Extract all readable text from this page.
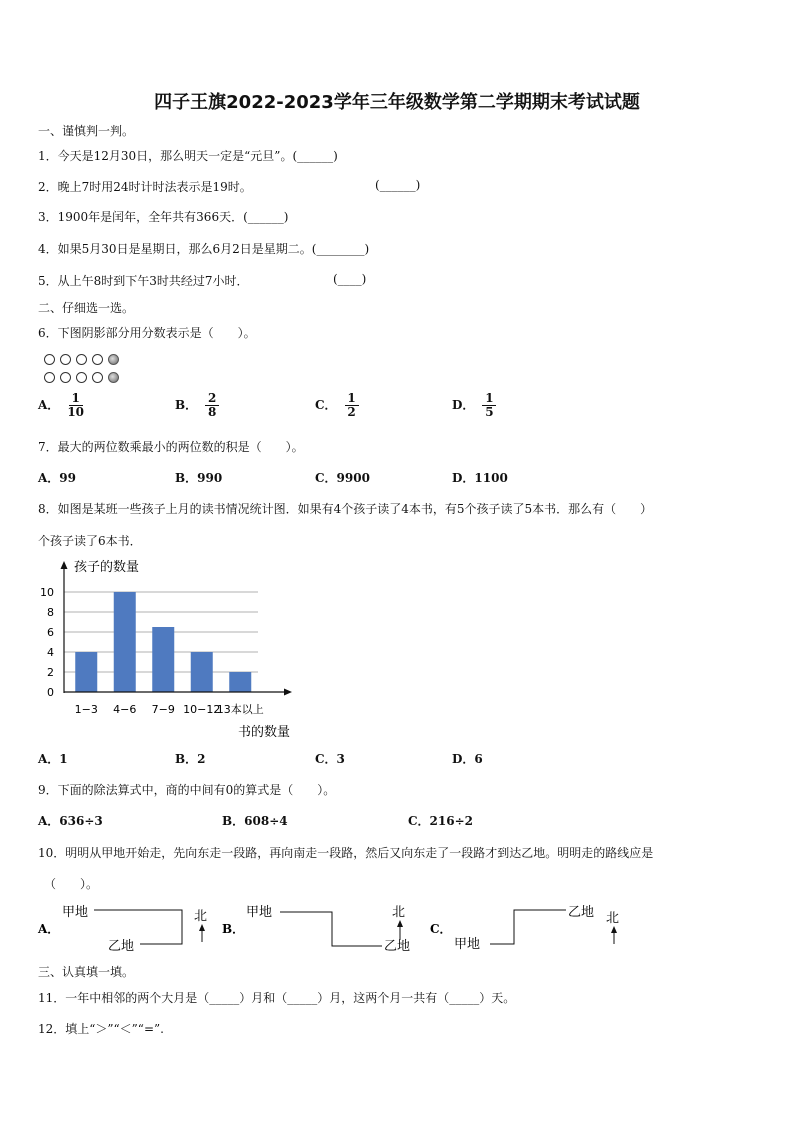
四子王旗2022-2023学年三年级数学第二学期期末考试试题
一、谨慎判一判。
1．今天是12月30日，那么明天一定是“元旦”。(______)
2．晚上7时用24时计时法表示是19时。	(______)
3．1900年是闰年，全年共有366天．(______)
4．如果5月30日是星期日，那么6月2日是星期二。(________)
5．从上午8时到下午3时共经过7小时．	(____)
二、仔细选一选。
6．下图阴影部分用分数表示是（　　）。
A． $\frac{1}{10}$	B． $\frac{2}{8}$	C． $\frac{1}{2}$	D． $\frac{1}{5}$
7．最大的两位数乘最小的两位数的积是（　　）。
A．99	B．990	C．9900	D．1100
8．如图是某班一些孩子上月的读书情况统计图．如果有4个孩子读了4本书，有5个孩子读了5本书．那么有（　　）
个孩子读了6本书．
孩子的数量
书的数量
0
2
4
6
8
10
1−3 4−6 7−9 10−12
13本以上
A．1	B．2	C．3	D．6
9．下面的除法算式中，商的中间有0的算式是（　　）。
A．636÷3	B．608÷4	C．216÷2
10．明明从甲地开始走，先向东走一段路，再向南走一段路，然后又向东走了一段路才到达乙地。明明走的路线应是
（　　）。
A．
甲地
乙地
北
B．
甲地
乙地
北
C．
甲地
乙地 北
三、认真填一填。
11．一年中相邻的两个大月是（_____）月和（_____）月，这两个月一共有（_____）天。
12．填上“＞”“＜”“=”.
